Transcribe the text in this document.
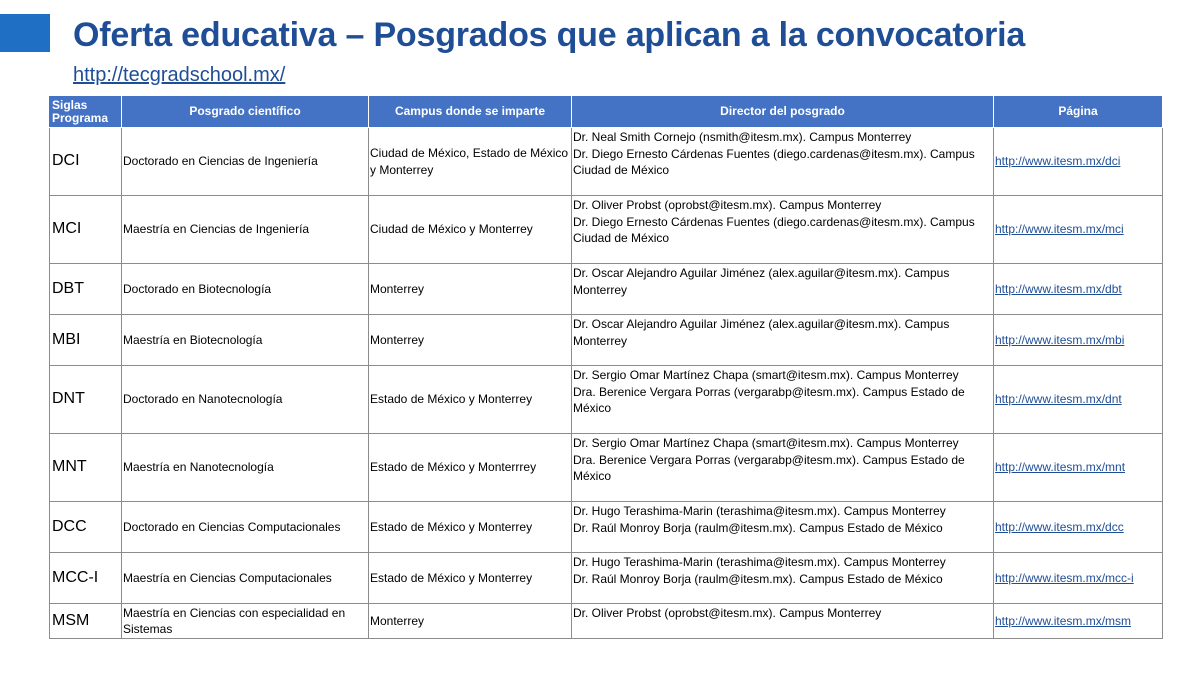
Oferta educativa – Posgrados que aplican a la convocatoria
http://tecgradschool.mx/
Siglas Programa	Posgrado científico	Campus donde se imparte	Director del posgrado	Página
DCI	Doctorado en Ciencias de Ingeniería	Ciudad de México, Estado de México y Monterrey	Dr. Neal Smith Cornejo (nsmith@itesm.mx). Campus Monterrey
Dr. Diego Ernesto Cárdenas Fuentes (diego.cardenas@itesm.mx). Campus Ciudad de México	http://www.itesm.mx/dci
MCI	Maestría en Ciencias de Ingeniería	Ciudad de México y Monterrey	Dr. Oliver Probst (oprobst@itesm.mx). Campus Monterrey
Dr. Diego Ernesto Cárdenas Fuentes (diego.cardenas@itesm.mx). Campus Ciudad de México	http://www.itesm.mx/mci
DBT	Doctorado en Biotecnología	Monterrey	Dr. Oscar Alejandro Aguilar Jiménez (alex.aguilar@itesm.mx). Campus Monterrey	http://www.itesm.mx/dbt
MBI	Maestría en Biotecnología	Monterrey	Dr. Oscar Alejandro Aguilar Jiménez (alex.aguilar@itesm.mx). Campus Monterrey	http://www.itesm.mx/mbi
DNT	Doctorado en Nanotecnología	Estado de México y Monterrey	Dr. Sergio Omar Martínez Chapa (smart@itesm.mx). Campus Monterrey
Dra. Berenice Vergara Porras (vergarabp@itesm.mx). Campus Estado de México	http://www.itesm.mx/dnt
MNT	Maestría en Nanotecnología	Estado de México y Monterrrey	Dr. Sergio Omar Martínez Chapa (smart@itesm.mx). Campus Monterrey
Dra. Berenice Vergara Porras (vergarabp@itesm.mx). Campus Estado de México	http://www.itesm.mx/mnt
DCC	Doctorado en Ciencias Computacionales	Estado de México y Monterrey	Dr. Hugo Terashima-Marin (terashima@itesm.mx). Campus Monterrey
Dr. Raúl Monroy Borja (raulm@itesm.mx). Campus Estado de México	http://www.itesm.mx/dcc
MCC-I	Maestría en Ciencias Computacionales	Estado de México y Monterrey	Dr. Hugo Terashima-Marin (terashima@itesm.mx). Campus Monterrey
Dr. Raúl Monroy Borja (raulm@itesm.mx). Campus Estado de México	http://www.itesm.mx/mcc-i
MSM	Maestría en Ciencias con especialidad en Sistemas	Monterrey	Dr. Oliver Probst (oprobst@itesm.mx). Campus Monterrey	http://www.itesm.mx/msm
